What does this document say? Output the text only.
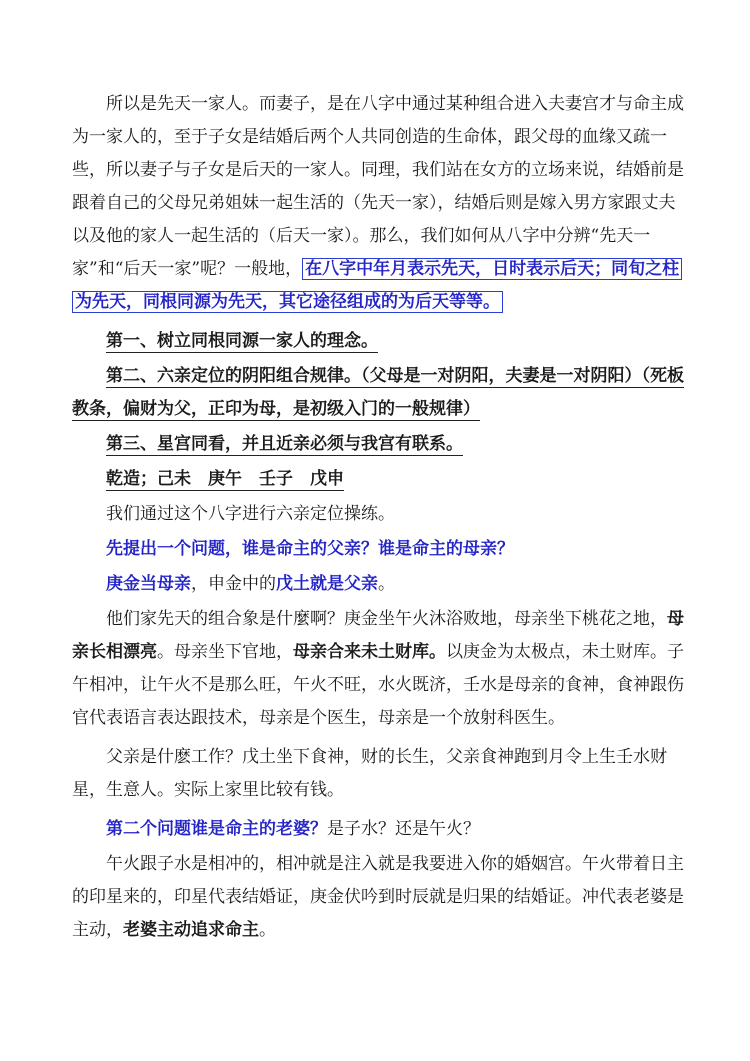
所以是先天一家人。而妻子，是在八字中通过某种组合进入夫妻宫才与命主成为一家人的，至于子女是结婚后两个人共同创造的生命体，跟父母的血缘又疏一些，所以妻子与子女是后天的一家人。同理，我们站在女方的立场来说，结婚前是跟着自己的父母兄弟姐妹一起生活的（先天一家），结婚后则是嫁入男方家跟丈夫以及他的家人一起生活的（后天一家）。那么，我们如何从八字中分辨“先天一家”和“后天一家”呢？一般地， 在八字中年月表示先天，日时表示后天；同旬之柱为先天，同根同源为先天，其它途径组成的为后天等等。

第一、树立同根同源一家人的理念。

第二、六亲定位的阴阳组合规律。（父母是一对阴阳，夫妻是一对阴阳）（死板教条，偏财为父，正印为母，是初级入门的一般规律）

第三、星宫同看，并且近亲必须与我宫有联系。

乾造；己未　庚午　壬子　戊申

我们通过这个八字进行六亲定位操练。

先提出一个问题，谁是命主的父亲？谁是命主的母亲？

庚金当母亲，申金中的戊土就是父亲。

他们家先天的组合象是什麼啊？庚金坐午火沐浴败地，母亲坐下桃花之地，母亲长相漂亮。母亲坐下官地，母亲合来未土财库。以庚金为太极点，未土财库。子午相冲，让午火不是那么旺，午火不旺，水火既济，壬水是母亲的食神，食神跟伤官代表语言表达跟技术，母亲是个医生，母亲是一个放射科医生。

父亲是什麽工作？戊土坐下食神，财的长生，父亲食神跑到月令上生壬水财星，生意人。实际上家里比较有钱。

第二个问题谁是命主的老婆？是子水？还是午火？

午火跟子水是相冲的，相冲就是注入就是我要进入你的婚姻宫。午火带着日主的印星来的，印星代表结婚证，庚金伏吟到时辰就是归果的结婚证。冲代表老婆是主动，老婆主动追求命主。
